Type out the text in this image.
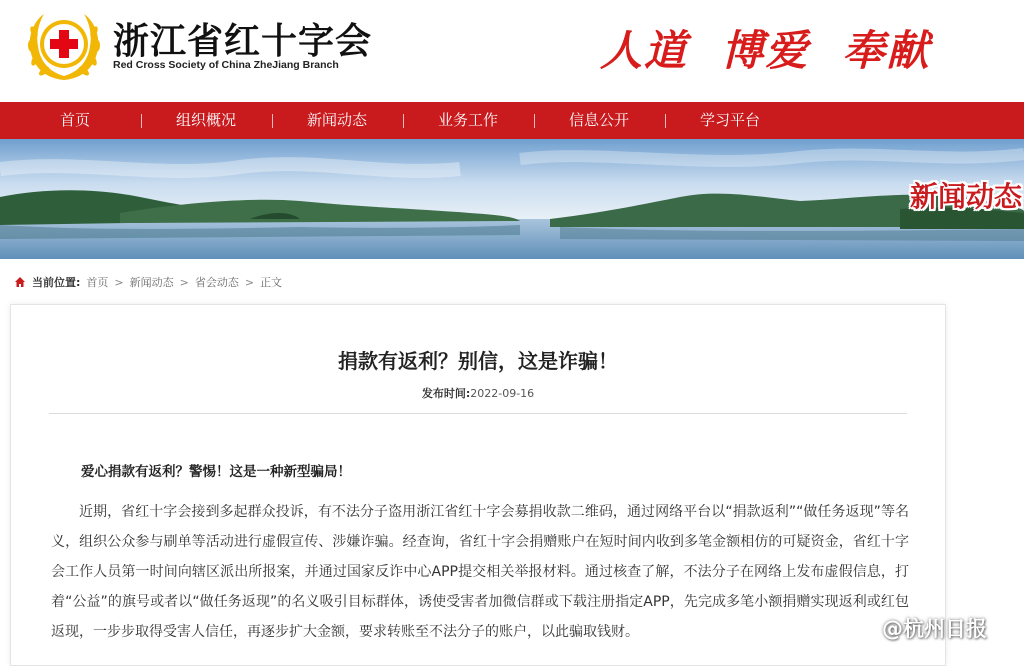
浙江省红十字会
Red Cross Society of China ZheJiang Branch	人道  博爱  奉献
首页	组织概况	新闻动态	业务工作	信息公开	学习平台
新闻动态
当前位置: 首页 > 新闻动态 > 省会动态 > 正文
捐款有返利？别信，这是诈骗！
发布时间:2022-09-16
爱心捐款有返利？警惕！这是一种新型骗局！
近期，省红十字会接到多起群众投诉，有不法分子盗用浙江省红十字会募捐收款二维码，通过网络平台以“捐款返利”“做任务返现”等名义，组织公众参与刷单等活动进行虚假宣传、涉嫌诈骗。经查询，省红十字会捐赠账户在短时间内收到多笔金额相仿的可疑资金，省红十字会工作人员第一时间向辖区派出所报案，并通过国家反诈中心APP提交相关举报材料。通过核查了解，不法分子在网络上发布虚假信息，打着“公益”的旗号或者以“做任务返现”的名义吸引目标群体，诱使受害者加微信群或下载注册指定APP，先完成多笔小额捐赠实现返利或红包返现，一步步取得受害人信任，再逐步扩大金额，要求转账至不法分子的账户，以此骗取钱财。	@杭州日报
